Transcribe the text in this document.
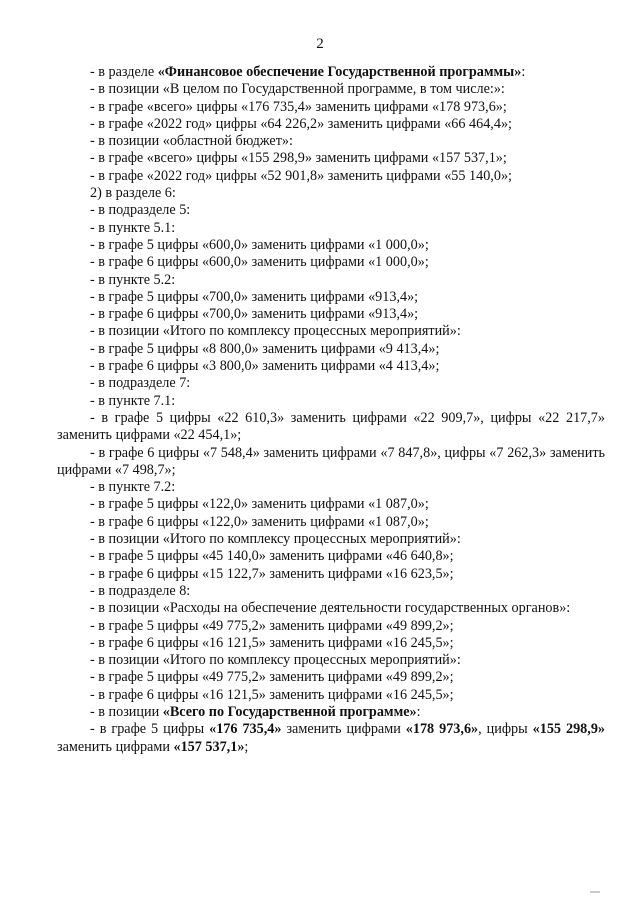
2

- в разделе «Финансовое обеспечение Государственной программы»:

- в позиции «В целом по Государственной программе, в том числе:»:

- в графе «всего» цифры «176 735,4» заменить цифрами «178 973,6»;

- в графе «2022 год» цифры «64 226,2» заменить цифрами «66 464,4»;

- в позиции «областной бюджет»:

- в графе «всего» цифры «155 298,9» заменить цифрами «157 537,1»;

- в графе «2022 год» цифры «52 901,8» заменить цифрами «55 140,0»;

2) в разделе 6:

- в подразделе 5:

- в пункте 5.1:

- в графе 5 цифры «600,0» заменить цифрами «1 000,0»;

- в графе 6 цифры «600,0» заменить цифрами «1 000,0»;

- в пункте 5.2:

- в графе 5 цифры «700,0» заменить цифрами «913,4»;

- в графе 6 цифры «700,0» заменить цифрами «913,4»;

- в позиции «Итого по комплексу процессных мероприятий»:

- в графе 5 цифры «8 800,0» заменить цифрами «9 413,4»;

- в графе 6 цифры «3 800,0» заменить цифрами «4 413,4»;

- в подразделе 7:

- в пункте 7.1:

- в графе 5 цифры «22 610,3» заменить цифрами «22 909,7», цифры «22 217,7» заменить цифрами «22 454,1»;

- в графе 6 цифры «7 548,4» заменить цифрами «7 847,8», цифры «7 262,3» заменить цифрами «7 498,7»;

- в пункте 7.2:

- в графе 5 цифры «122,0» заменить цифрами «1 087,0»;

- в графе 6 цифры «122,0» заменить цифрами «1 087,0»;

- в позиции «Итого по комплексу процессных мероприятий»:

- в графе 5 цифры «45 140,0» заменить цифрами «46 640,8»;

- в графе 6 цифры «15 122,7» заменить цифрами «16 623,5»;

- в подразделе 8:

- в позиции «Расходы на обеспечение деятельности государственных органов»:

- в графе 5 цифры «49 775,2» заменить цифрами «49 899,2»;

- в графе 6 цифры «16 121,5» заменить цифрами «16 245,5»;

- в позиции «Итого по комплексу процессных мероприятий»:

- в графе 5 цифры «49 775,2» заменить цифрами «49 899,2»;

- в графе 6 цифры «16 121,5» заменить цифрами «16 245,5»;

- в позиции «Всего по Государственной программе»:

- в графе 5 цифры «176 735,4» заменить цифрами «178 973,6», цифры «155 298,9» заменить цифрами «157 537,1»;
